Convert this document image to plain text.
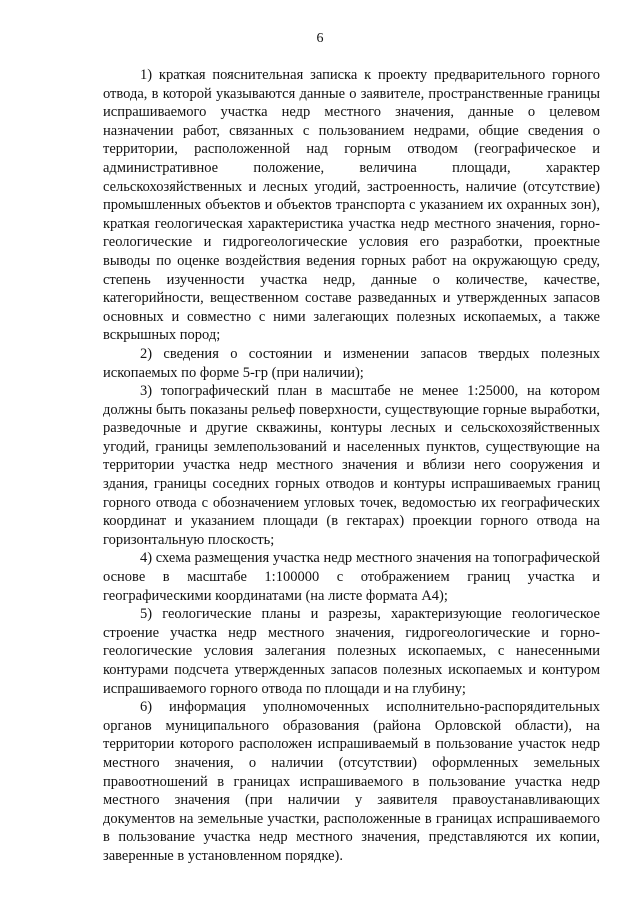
6

1) краткая пояснительная записка к проекту предварительного горного отвода, в которой указываются данные о заявителе, пространственные границы испрашиваемого участка недр местного значения, данные о целевом назначении работ, связанных с пользованием недрами, общие сведения о территории, расположенной над горным отводом (географическое и административное положение, величина площади, характер сельскохозяйственных и лесных угодий, застроенность, наличие (отсутствие) промышленных объектов и объектов транспорта с указанием их охранных зон), краткая геологическая характеристика участка недр местного значения, горно-геологические и гидрогеологические условия его разработки, проектные выводы по оценке воздействия ведения горных работ на окружающую среду, степень изученности участка недр, данные о количестве, качестве, категорийности, вещественном составе разведанных и утвержденных запасов основных и совместно с ними залегающих полезных ископаемых, а также вскрышных пород;

2) сведения о состоянии и изменении запасов твердых полезных ископаемых по форме 5-гр (при наличии);

3) топографический план в масштабе не менее 1:25000, на котором должны быть показаны рельеф поверхности, существующие горные выработки, разведочные и другие скважины, контуры лесных и сельскохозяйственных угодий, границы землепользований и населенных пунктов, существующие на территории участка недр местного значения и вблизи него сооружения и здания, границы соседних горных отводов и контуры испрашиваемых границ горного отвода с обозначением угловых точек, ведомостью их географических координат и указанием площади (в гектарах) проекции горного отвода на горизонтальную плоскость;

4) схема размещения участка недр местного значения на топографической основе в масштабе 1:100000 с отображением границ участка и географическими координатами (на листе формата А4);

5) геологические планы и разрезы, характеризующие геологическое строение участка недр местного значения, гидрогеологические и горно-геологические условия залегания полезных ископаемых, с нанесенными контурами подсчета утвержденных запасов полезных ископаемых и контуром испрашиваемого горного отвода по площади и на глубину;

6) информация уполномоченных исполнительно-распорядительных органов муниципального образования (района Орловской области), на территории которого расположен испрашиваемый в пользование участок недр местного значения, о наличии (отсутствии) оформленных земельных правоотношений в границах испрашиваемого в пользование участка недр местного значения (при наличии у заявителя правоустанавливающих документов на земельные участки, расположенные в границах испрашиваемого в пользование участка недр местного значения, представляются их копии, заверенные в установленном порядке).
